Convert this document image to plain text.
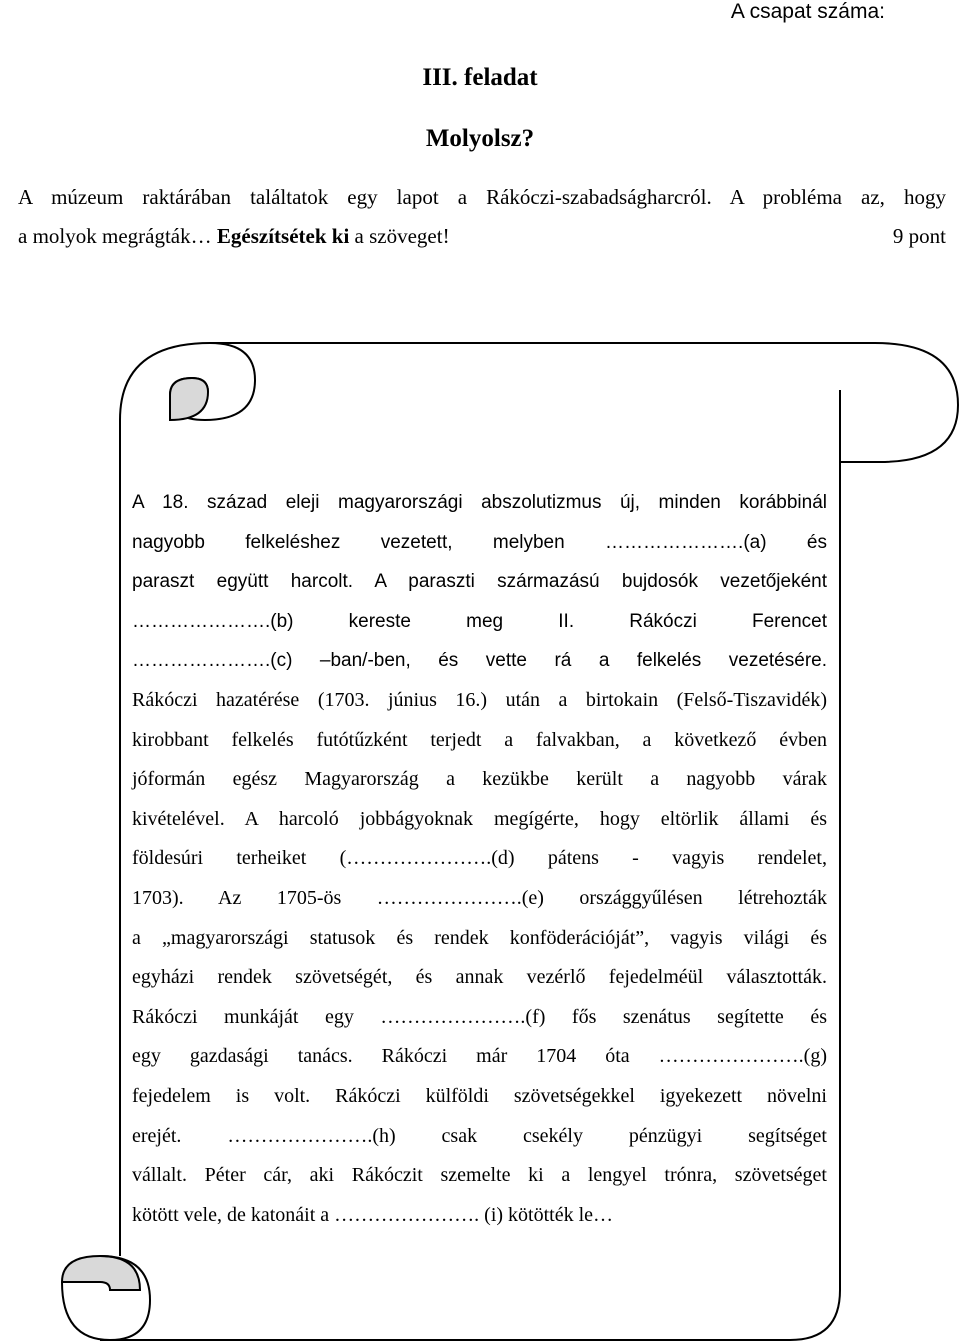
A csapat száma:
III. feladat
Molyolsz?
A múzeum raktárában találtatok egy lapot a Rákóczi-szabadságharcról. A probléma az, hogy
a molyok megrágták… Egészítsétek ki a szöveget!	9 pont

A 18. század eleji magyarországi abszolutizmus új, minden korábbinál

nagyobb felkeléshez vezetett, melyben ………………….(a) és

paraszt együtt harcolt. A paraszti származású bujdosók vezetőjeként

………………….(b) kereste meg II. Rákóczi Ferencet

………………….(c) –ban/-ben, és vette rá a felkelés vezetésére.

Rákóczi hazatérése (1703. június 16.) után a birtokain (Felső-Tiszavidék)

kirobbant felkelés futótűzként terjedt a falvakban, a következő évben

jóformán egész Magyarország a kezükbe került a nagyobb várak

kivételével. A harcoló jobbágyoknak megígérte, hogy eltörlik állami és

földesúri terheiket (………………….(d) pátens - vagyis rendelet,

1703). Az 1705-ös ………………….(e) országgyűlésen létrehozták

a „magyarországi statusok és rendek konföderációját”, vagyis világi és

egyházi rendek szövetségét, és annak vezérlő fejedelméül választották.

Rákóczi munkáját egy ………………….(f) fős szenátus segítette és

egy gazdasági tanács. Rákóczi már 1704 óta ………………….(g)

fejedelem is volt. Rákóczi külföldi szövetségekkel igyekezett növelni

erejét. ………………….(h) csak csekély pénzügyi segítséget

vállalt. Péter cár, aki Rákóczit szemelte ki a lengyel trónra, szövetséget

kötött vele, de katonáit a …………………. (i) kötötték le…
